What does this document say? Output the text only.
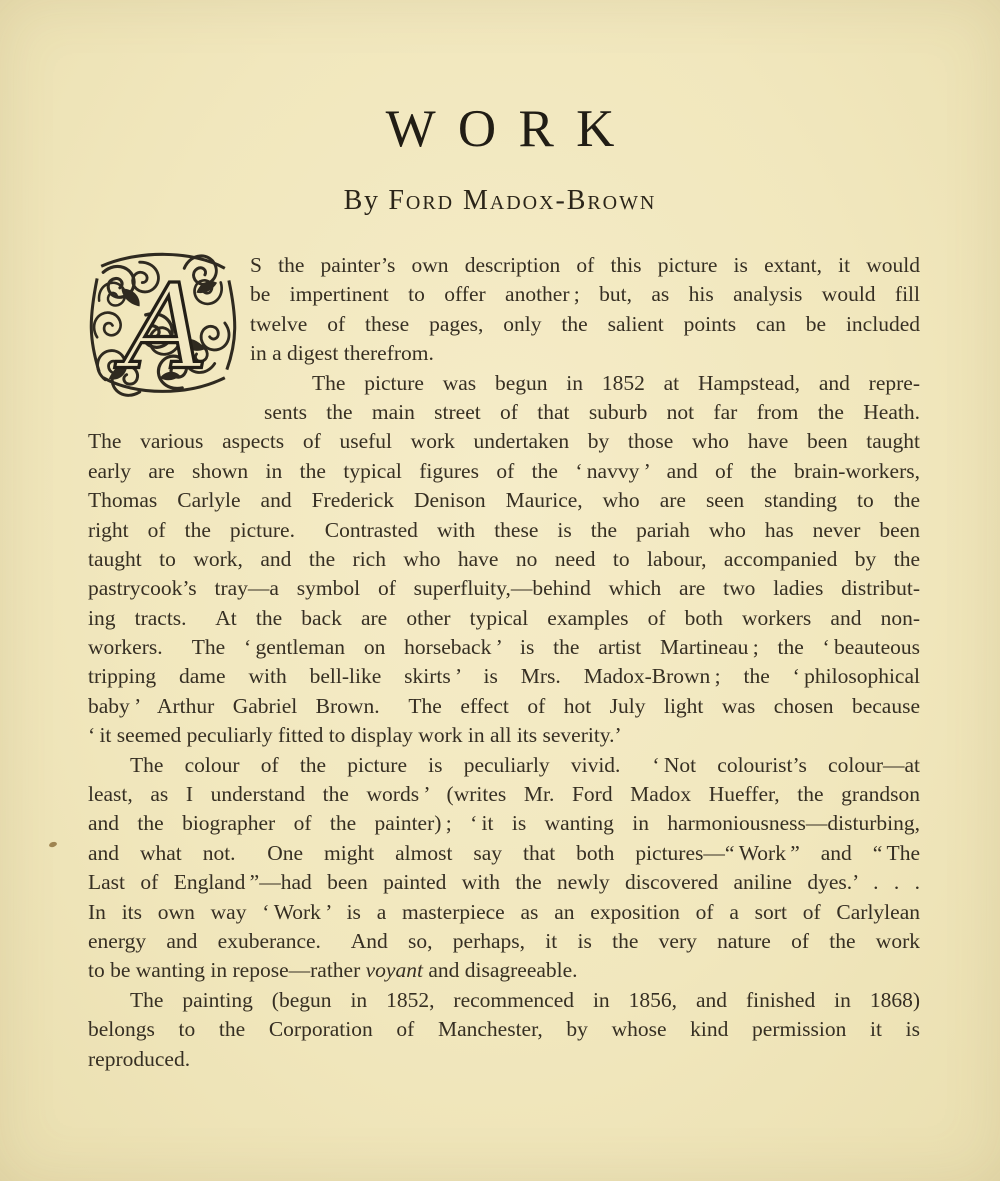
WORK
By Ford Madox-Brown
A	S the painter’s own description of this picture is extant, it would
be impertinent to offer another ; but, as his analysis would fill
twelve of these pages, only the salient points can be included
in a digest therefrom.
The picture was begun in 1852 at Hampstead, and repre-
sents the main street of that suburb not far from the Heath.
The various aspects of useful work undertaken by those who have been taught
early are shown in the typical figures of the ‘ navvy ’ and of the brain-workers,
Thomas Carlyle and Frederick Denison Maurice, who are seen standing to the
right of the picture.  Contrasted with these is the pariah who has never been
taught to work, and the rich who have no need to labour, accompanied by the
pastrycook’s tray—a symbol of superfluity,—behind which are two ladies distribut-
ing tracts.  At the back are other typical examples of both workers and non-
workers.  The ‘ gentleman on horseback ’ is the artist Martineau ; the ‘ beauteous
tripping dame with bell-like skirts ’ is Mrs. Madox-Brown ; the ‘ philosophical
baby ’ Arthur Gabriel Brown.  The effect of hot July light was chosen because
‘ it seemed peculiarly fitted to display work in all its severity.’
The colour of the picture is peculiarly vivid.  ‘ Not colourist’s colour—at
least, as I understand the words ’ (writes Mr. Ford Madox Hueffer, the grandson
and the biographer of the painter) ; ‘ it is wanting in harmoniousness—disturbing,
and what not.  One might almost say that both pictures—“ Work ” and “ The
Last of England ”—had been painted with the newly discovered aniline dyes.’ . . .
In its own way ‘ Work ’ is a masterpiece as an exposition of a sort of Carlylean
energy and exuberance.  And so, perhaps, it is the very nature of the work
to be wanting in repose—rather voyant and disagreeable.
The painting (begun in 1852, recommenced in 1856, and finished in 1868)
belongs to the Corporation of Manchester, by whose kind permission it is
reproduced.
